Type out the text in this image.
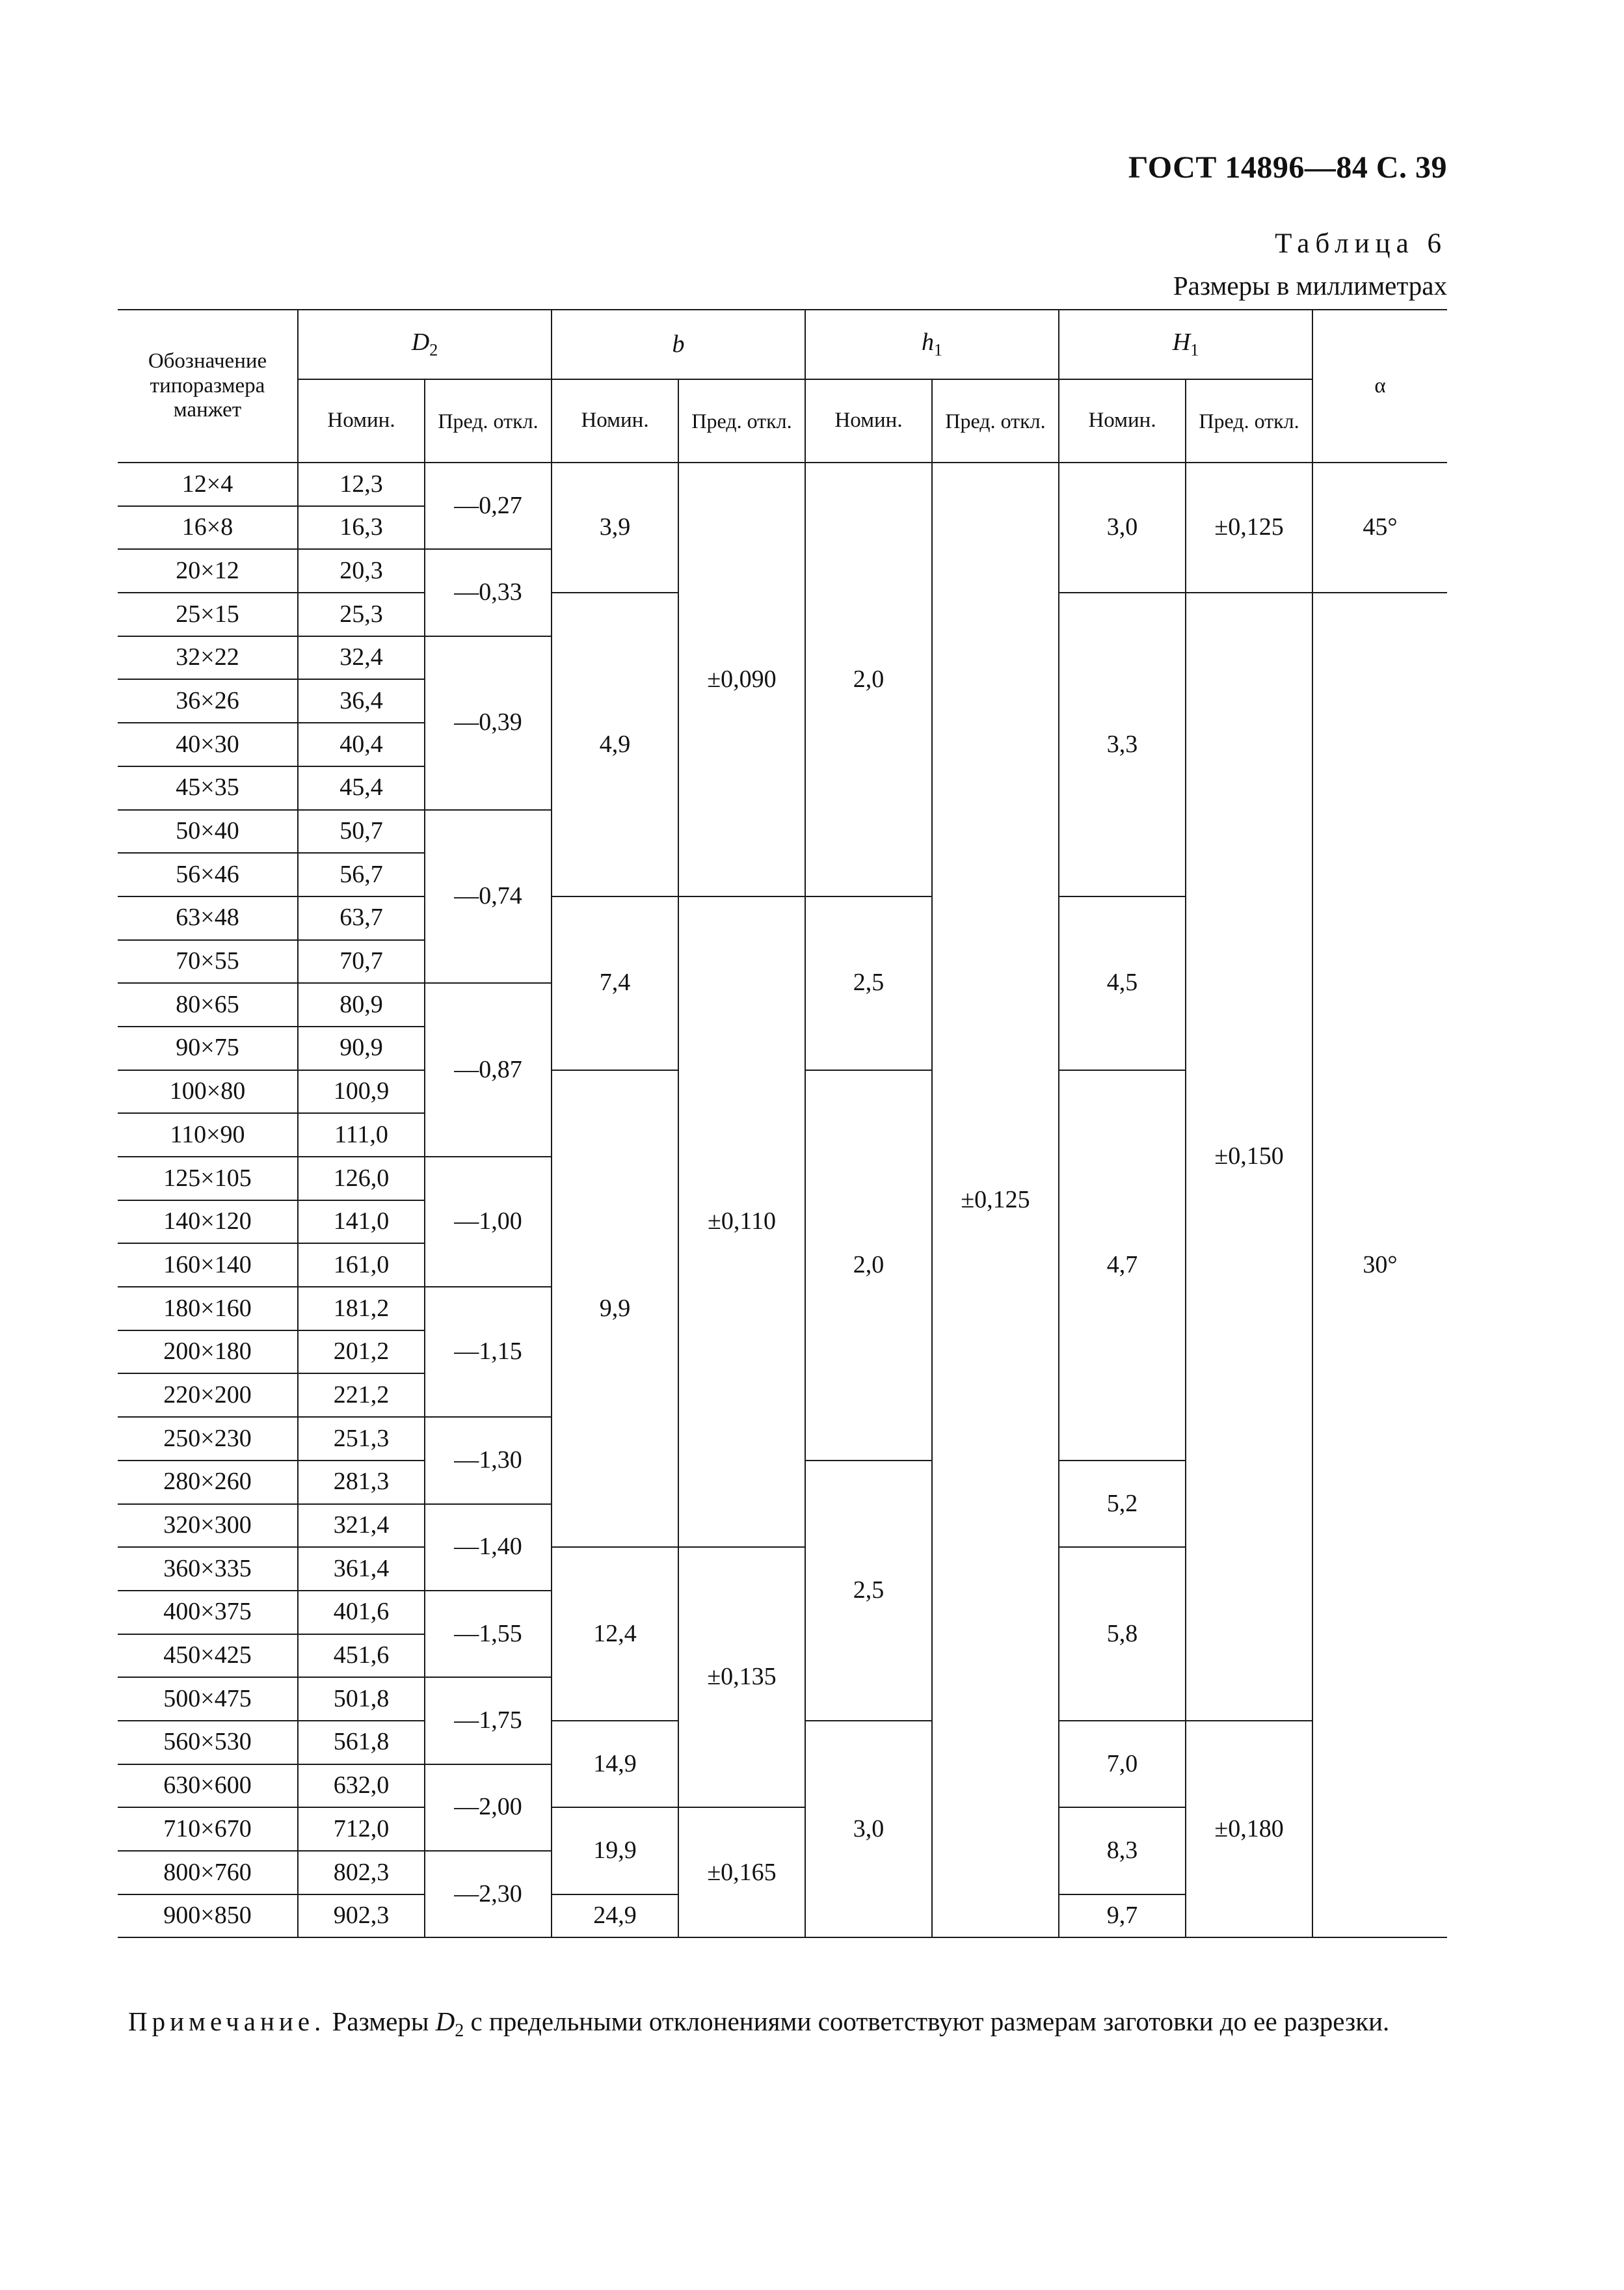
ГОСТ 14896—84 С. 39
Таблица 6
Размеры в миллиметрах
Обозначение типоразмера манжет	$D_2$		b		$h_1$		$H_1$		α
	Номин.	Пред. откл.	Номин.	Пред. откл.	Номин.	Пред. откл.	Номин.	Пред. откл.	
12×4	12,3	—0,27	3,9	±0,090	2,0	±0,125	3,0	±0,125	45°
16×8	16,3								
20×12	20,3	—0,33							
25×15	25,3		4,9				3,3	±0,150	30°
32×22	32,4	—0,39							
36×26	36,4								
40×30	40,4								
45×35	45,4								
50×40	50,7	—0,74							
56×46	56,7								
63×48	63,7		7,4	±0,110	2,5		4,5		
70×55	70,7								
80×65	80,9	—0,87							
90×75	90,9								
100×80	100,9		9,9		2,0		4,7		
110×90	111,0								
125×105	126,0	—1,00							
140×120	141,0								
160×140	161,0								
180×160	181,2	—1,15							
200×180	201,2								
220×200	221,2								
250×230	251,3	—1,30							
280×260	281,3				2,5		5,2		
320×300	321,4	—1,40							
360×335	361,4		12,4	±0,135			5,8		
400×375	401,6	—1,55							
450×425	451,6								
500×475	501,8	—1,75							
560×530	561,8		14,9		3,0		7,0	±0,180	
630×600	632,0	—2,00							
710×670	712,0		19,9	±0,165			8,3		
800×760	802,3	—2,30							
900×850	902,3		24,9				9,7		
Примечание. Размеры $D_2$ с предельными отклонениями соответствуют размерам заготовки до ее разрезки.
